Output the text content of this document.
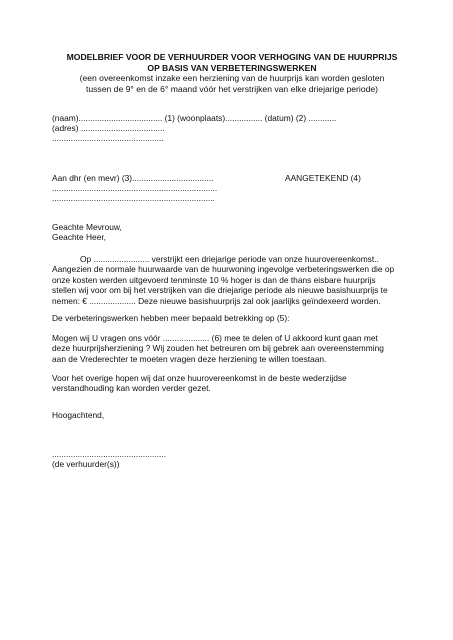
MODELBRIEF VOOR DE VERHUURDER VOOR VERHOGING VAN DE HUURPRIJS
OP BASIS VAN VERBETERINGSWERKEN
(een overeenkomst inzake een herziening van de huurprijs kan worden gesloten
tussen de 9° en de 6° maand vóór het verstrijken van elke driejarige periode)
(naam).................................... (1) (woonplaats)................ (datum) (2) ............
(adres) ....................................
................................................
Aan dhr (en mevr) (3)...................................	AANGETEKEND (4)
.......................................................................
......................................................................
Geachte Mevrouw,
Geachte Heer,
Op ........................ verstrijkt een driejarige periode van onze huurovereenkomst..
Aangezien de normale huurwaarde van de huurwoning ingevolge verbeteringswerken die op
onze kosten werden uitgevoerd tenminste 10 % hoger is dan de thans eisbare huurprijs
stellen wij voor om bij het verstrijken van die driejarige periode als nieuwe basishuurprijs te
nemen: € .................... Deze nieuwe basishuurprijs zal ook jaarlijks geïndexeerd worden.
De verbeteringswerken hebben meer bepaald betrekking op (5):
Mogen wij U vragen ons vóór .................... (6) mee te delen of U akkoord kunt gaan met
deze huurprijsherziening ? Wij zouden het betreuren om bij gebrek aan overeenstemming
aan de Vrederechter te moeten vragen deze herziening te willen toestaan.
Voor het overige hopen wij dat onze huurovereenkomst in de beste wederzijdse
verstandhouding kan worden verder gezet.
Hoogachtend,
.................................................
(de verhuurder(s))
